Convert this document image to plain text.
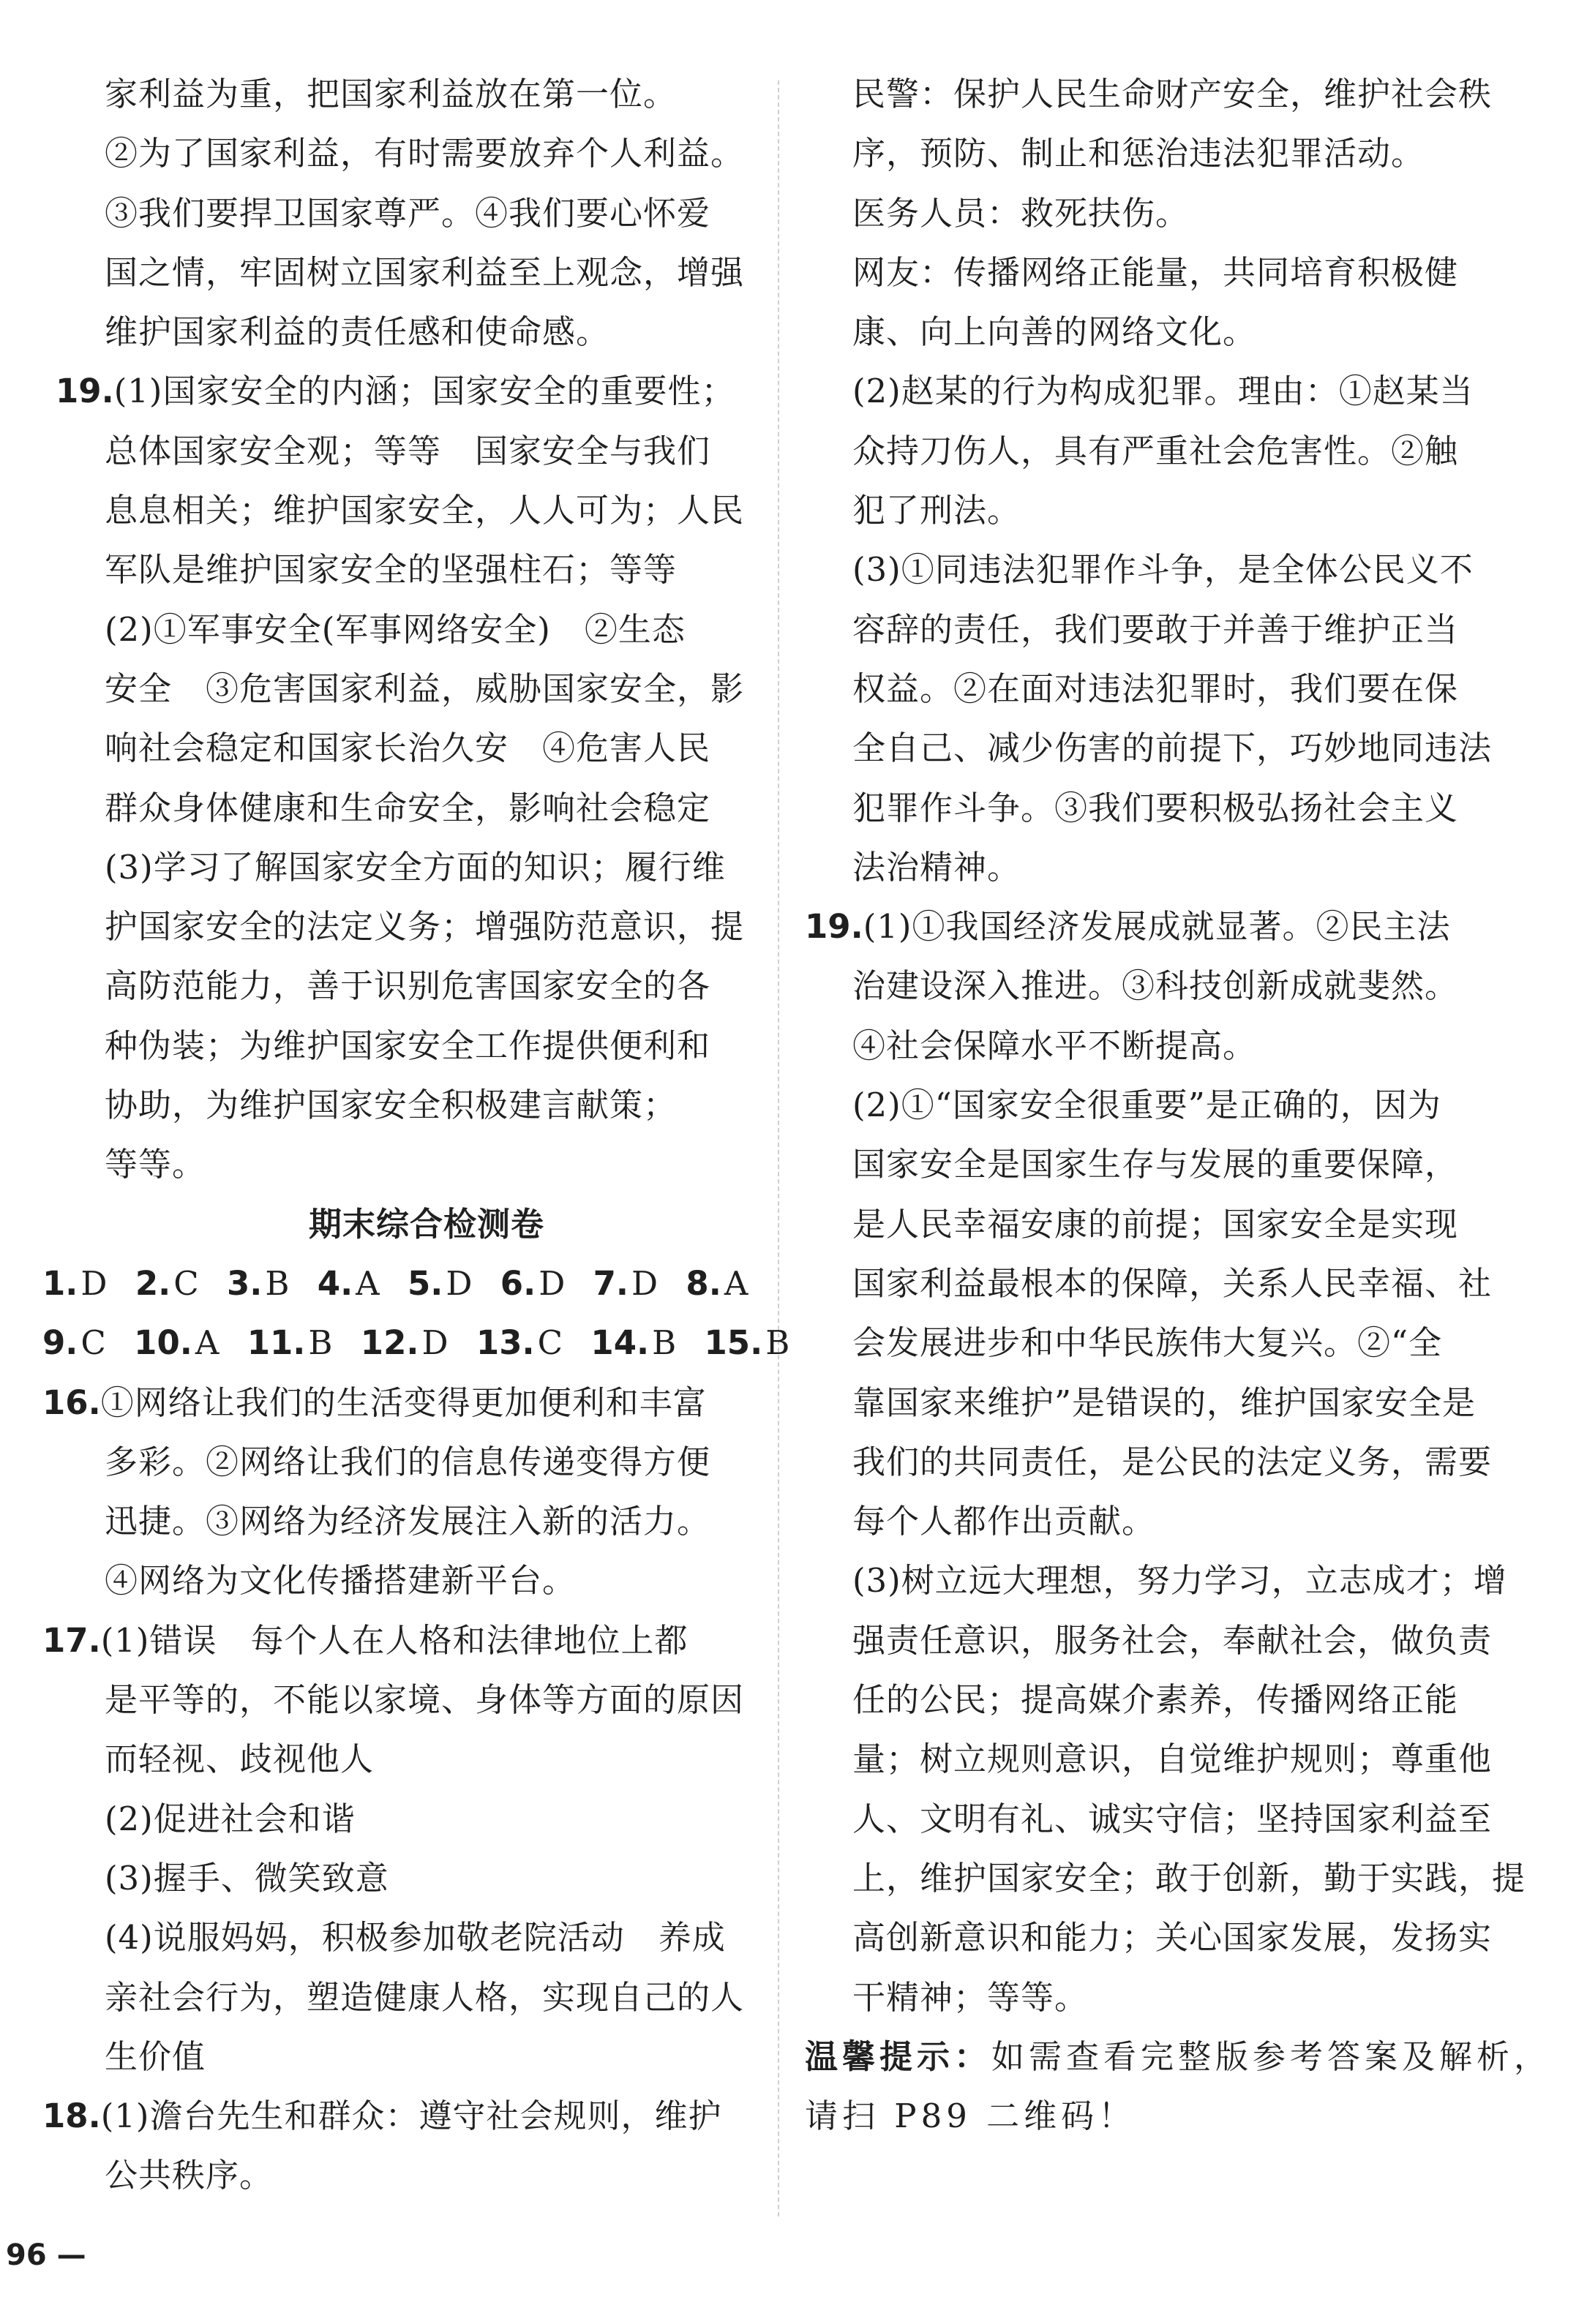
家利益为重，把国家利益放在第一位。
②为了国家利益，有时需要放弃个人利益。
③我们要捍卫国家尊严。④我们要心怀爱
国之情，牢固树立国家利益至上观念，增强
维护国家利益的责任感和使命感。
19.(1)国家安全的内涵；国家安全的重要性；
总体国家安全观；等等　国家安全与我们
息息相关；维护国家安全，人人可为；人民
军队是维护国家安全的坚强柱石；等等
(2)①军事安全(军事网络安全)　②生态
安全　③危害国家利益，威胁国家安全，影
响社会稳定和国家长治久安　④危害人民
群众身体健康和生命安全，影响社会稳定
(3)学习了解国家安全方面的知识；履行维
护国家安全的法定义务；增强防范意识，提
高防范能力，善于识别危害国家安全的各
种伪装；为维护国家安全工作提供便利和
协助，为维护国家安全积极建言献策；
等等。
期末综合检测卷
1.D 2.C 3.B 4.A 5.D 6.D 7.D 8.A
9.C 10.A 11.B 12.D 13.C 14.B 15.B
16.①网络让我们的生活变得更加便利和丰富
多彩。②网络让我们的信息传递变得方便
迅捷。③网络为经济发展注入新的活力。
④网络为文化传播搭建新平台。
17.(1)错误　每个人在人格和法律地位上都
是平等的，不能以家境、身体等方面的原因
而轻视、歧视他人
(2)促进社会和谐
(3)握手、微笑致意
(4)说服妈妈，积极参加敬老院活动　养成
亲社会行为，塑造健康人格，实现自己的人
生价值
18.(1)澹台先生和群众：遵守社会规则，维护
公共秩序。
96 —
民警：保护人民生命财产安全，维护社会秩
序，预防、制止和惩治违法犯罪活动。
医务人员：救死扶伤。
网友：传播网络正能量，共同培育积极健
康、向上向善的网络文化。
(2)赵某的行为构成犯罪。理由：①赵某当
众持刀伤人，具有严重社会危害性。②触
犯了刑法。
(3)①同违法犯罪作斗争，是全体公民义不
容辞的责任，我们要敢于并善于维护正当
权益。②在面对违法犯罪时，我们要在保
全自己、减少伤害的前提下，巧妙地同违法
犯罪作斗争。③我们要积极弘扬社会主义
法治精神。
19.(1)①我国经济发展成就显著。②民主法
治建设深入推进。③科技创新成就斐然。
④社会保障水平不断提高。
(2)①“国家安全很重要”是正确的，因为
国家安全是国家生存与发展的重要保障，
是人民幸福安康的前提；国家安全是实现
国家利益最根本的保障，关系人民幸福、社
会发展进步和中华民族伟大复兴。②“全
靠国家来维护”是错误的，维护国家安全是
我们的共同责任，是公民的法定义务，需要
每个人都作出贡献。
(3)树立远大理想，努力学习，立志成才；增
强责任意识，服务社会，奉献社会，做负责
任的公民；提高媒介素养，传播网络正能
量；树立规则意识，自觉维护规则；尊重他
人、文明有礼、诚实守信；坚持国家利益至
上，维护国家安全；敢于创新，勤于实践，提
高创新意识和能力；关心国家发展，发扬实
干精神；等等。
温馨提示：如需查看完整版参考答案及解析，
请扫 P89 二维码！
